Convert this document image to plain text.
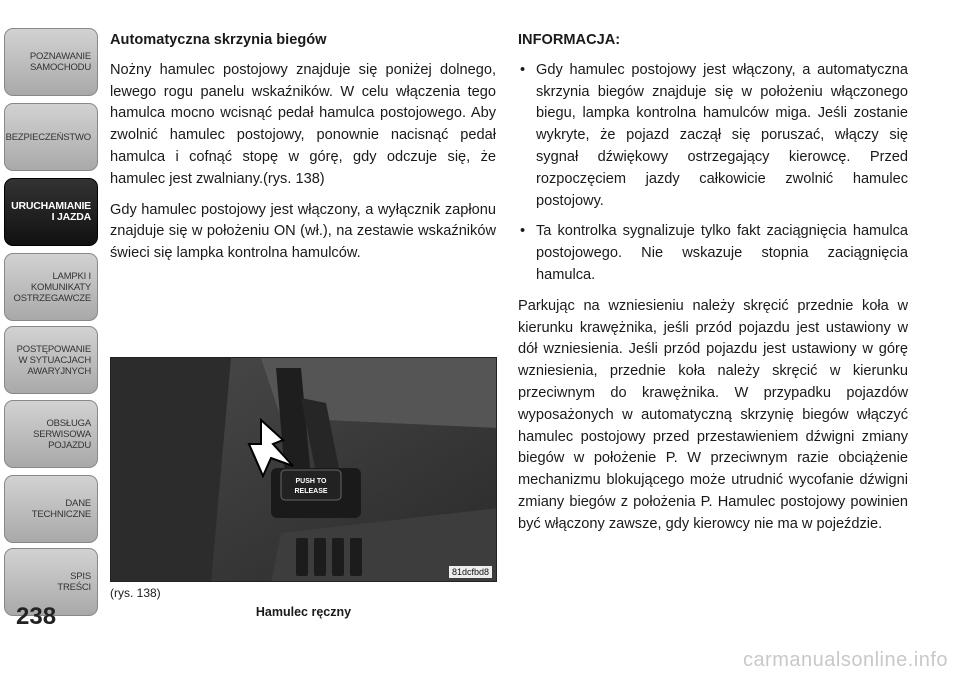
POZNAWANIE
SAMOCHODU
BEZPIECZEŃSTWO
URUCHAMIANIE
I JAZDA
LAMPKI I
KOMUNIKATY
OSTRZEGAWCZE
POSTĘPOWANIE
W SYTUACJACH
AWARYJNYCH
OBSŁUGA
SERWISOWA
POJAZDU
DANE
TECHNICZNE
SPIS
TREŚCI
238
Automatyczna skrzynia biegów

Nożny hamulec postojowy znajduje się poniżej dolnego, lewego rogu panelu wskaźników. W celu włączenia tego hamulca mocno wcisnąć pedał hamulca postojowego. Aby zwolnić hamulec postojowy, ponownie nacisnąć pedał hamulca i cofnąć stopę w górę, gdy odczuje się, że hamulec jest zwalniany.(rys. 138)

Gdy hamulec postojowy jest włączony, a wyłącznik zapłonu znajduje się w położeniu ON (wł.), na zestawie wskaźników świeci się lampka kontrolna hamulców.

PUSH TO
RELEASE
81dcfbd8
(rys. 138)
Hamulec ręczny
INFORMACJA:
• Gdy hamulec postojowy jest włączony, a automatyczna skrzynia biegów znajduje się w położeniu włączonego biegu, lampka kontrolna hamulców miga. Jeśli zostanie wykryte, że pojazd zaczął się poruszać, włączy się sygnał dźwiękowy ostrzegający kierowcę. Przed rozpoczęciem jazdy całkowicie zwolnić hamulec postojowy.
• Ta kontrolka sygnalizuje tylko fakt zaciągnięcia hamulca postojowego. Nie wskazuje stopnia zaciągnięcia hamulca.

Parkując na wzniesieniu należy skręcić przednie koła w kierunku krawężnika, jeśli przód pojazdu jest ustawiony w dół wzniesienia. Jeśli przód pojazdu jest ustawiony w górę wzniesienia, przednie koła należy skręcić w kierunku przeciwnym do krawężnika. W przypadku pojazdów wyposażonych w automatyczną skrzynię biegów włączyć hamulec postojowy przed przestawieniem dźwigni zmiany biegów w położenie P. W przeciwnym razie obciążenie mechanizmu blokującego może utrudnić wycofanie dźwigni zmiany biegów z położenia P. Hamulec postojowy powinien być włączony zawsze, gdy kierowcy nie ma w pojeździe.

carmanualsonline.info
